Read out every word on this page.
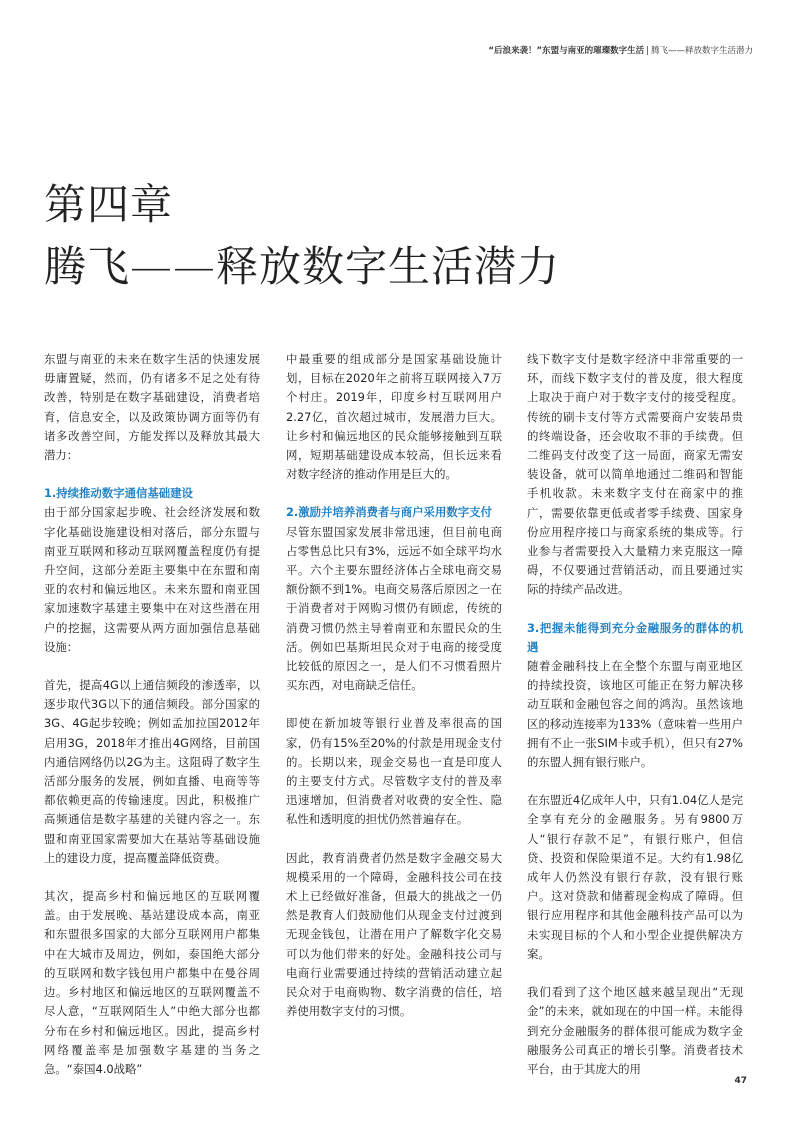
“后浪来袭！”东盟与南亚的璀璨数字生活 | 腾飞——释放数字生活潜力
第四章
腾飞——释放数字生活潜力

东盟与南亚的未来在数字生活的快速发展毋庸置疑，然而，仍有诸多不足之处有待改善，特别是在数字基础建设，消费者培育，信息安全，以及政策协调方面等仍有诸多改善空间，方能发挥以及释放其最大潜力：

1.持续推动数字通信基础建设

由于部分国家起步晚、社会经济发展和数字化基础设施建设相对落后，部分东盟与南亚互联网和移动互联网覆盖程度仍有提升空间，这部分差距主要集中在东盟和南亚的农村和偏远地区。未来东盟和南亚国家加速数字基建主要集中在对这些潜在用户的挖掘，这需要从两方面加强信息基础设施：

首先，提高4G以上通信频段的渗透率，以逐步取代3G以下的通信频段。部分国家的3G、4G起步较晚；例如孟加拉国2012年启用3G，2018年才推出4G网络，目前国内通信网络仍以2G为主。这阻碍了数字生活部分服务的发展，例如直播、电商等等都依赖更高的传输速度。因此，积极推广高频通信是数字基建的关键内容之一。东盟和南亚国家需要加大在基站等基础设施上的建设力度，提高覆盖降低资费。

其次，提高乡村和偏远地区的互联网覆盖。由于发展晚、基站建设成本高，南亚和东盟很多国家的大部分互联网用户都集中在大城市及周边，例如，泰国绝大部分的互联网和数字钱包用户都集中在曼谷周边。乡村地区和偏远地区的互联网覆盖不尽人意，“互联网陌生人”中绝大部分也都分布在乡村和偏远地区。因此，提高乡村网络覆盖率是加强数字基建的当务之急。“泰国4.0战略”

中最重要的组成部分是国家基础设施计划，目标在2020年之前将互联网接入7万个村庄。2019年，印度乡村互联网用户2.27亿，首次超过城市，发展潜力巨大。让乡村和偏远地区的民众能够接触到互联网，短期基础建设成本较高，但长远来看对数字经济的推动作用是巨大的。

2.激励并培养消费者与商户采用数字支付

尽管东盟国家发展非常迅速，但目前电商占零售总比只有3%，远远不如全球平均水平。六个主要东盟经济体占全球电商交易额份额不到1%。电商交易落后原因之一在于消费者对于网购习惯仍有顾虑，传统的消费习惯仍然主导着南亚和东盟民众的生活。例如巴基斯坦民众对于电商的接受度比较低的原因之一，是人们不习惯看照片买东西，对电商缺乏信任。

即使在新加坡等银行业普及率很高的国家，仍有15%至20%的付款是用现金支付的。长期以来，现金交易也一直是印度人的主要支付方式。尽管数字支付的普及率迅速增加，但消费者对收费的安全性、隐私性和透明度的担忧仍然普遍存在。

因此，教育消费者仍然是数字金融交易大规模采用的一个障碍，金融科技公司在技术上已经做好准备，但最大的挑战之一仍然是教育人们鼓励他们从现金支付过渡到无现金钱包，让潜在用户了解数字化交易可以为他们带来的好处。金融科技公司与电商行业需要通过持续的营销活动建立起民众对于电商购物、数字消费的信任，培养使用数字支付的习惯。

线下数字支付是数字经济中非常重要的一环，而线下数字支付的普及度，很大程度上取决于商户对于数字支付的接受程度。传统的刷卡支付等方式需要商户安装昂贵的终端设备，还会收取不菲的手续费。但二维码支付改变了这一局面，商家无需安装设备，就可以简单地通过二维码和智能手机收款。未来数字支付在商家中的推广，需要依靠更低或者零手续费、国家身份应用程序接口与商家系统的集成等。行业参与者需要投入大量精力来克服这一障碍，不仅要通过营销活动，而且要通过实际的持续产品改进。

3.把握未能得到充分金融服务的群体的机遇

随着金融科技上在全整个东盟与南亚地区的持续投资，该地区可能正在努力解决移动互联和金融包容之间的鸿沟。虽然该地区的移动连接率为133%（意味着一些用户拥有不止一张SIM卡或手机），但只有27%的东盟人拥有银行账户。

在东盟近4亿成年人中，只有1.04亿人是完全享有充分的金融服务。另有9800万人“银行存款不足”，有银行账户，但信贷、投资和保险渠道不足。大约有1.98亿成年人仍然没有银行存款，没有银行账户。这对贷款和储蓄现金构成了障碍。但银行应用程序和其他金融科技产品可以为未实现目标的个人和小型企业提供解决方案。

我们看到了这个地区越来越呈现出“无现金”的未来，就如现在的中国一样。未能得到充分金融服务的群体很可能成为数字金融服务公司真正的增长引擎。消费者技术平台，由于其庞大的用

47
